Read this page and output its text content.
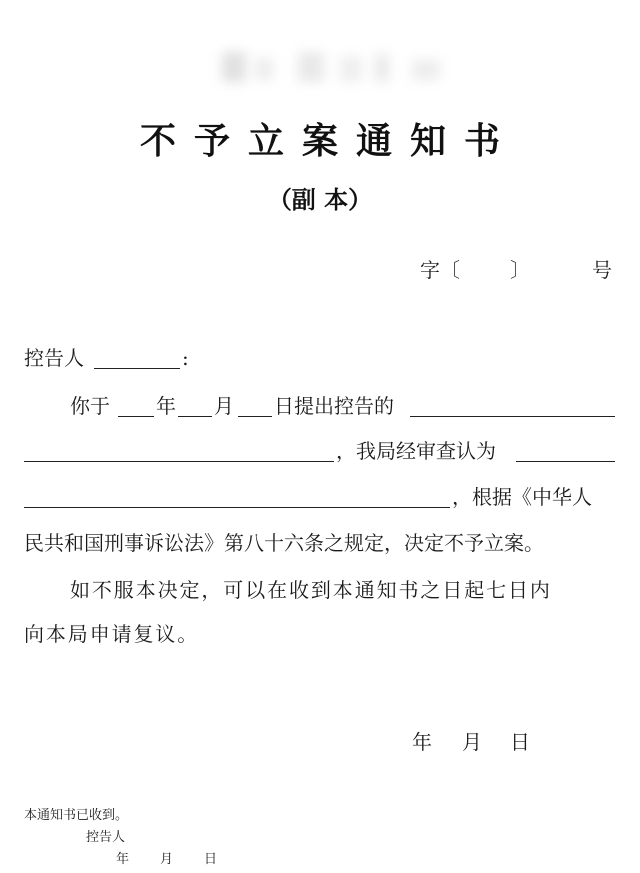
不予立案通知书
（副 本）
字〔	〕	号
控告人	:
你于 年 月 日提出控告的
，我局经审查认为
，根据《中华人
民共和国刑事诉讼法》第八十六条之规定，决定不予立案。
如不服本决定，可以在收到本通知书之日起七日内
向本局申请复议。
年 月 日
本通知书已收到。
控告人
年 月 日
